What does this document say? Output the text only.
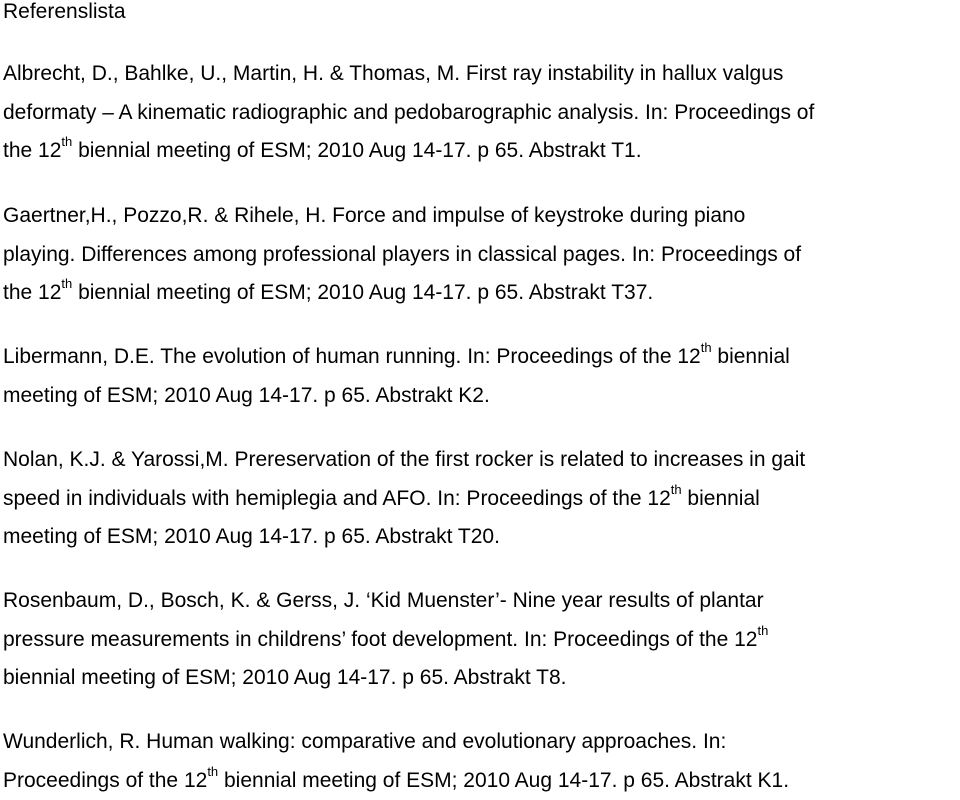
Referenslista
Albrecht, D., Bahlke, U., Martin, H. & Thomas, M. First ray instability in hallux valgus
deformaty – A kinematic radiographic and pedobarographic analysis. In: Proceedings of
the 12th biennial meeting of ESM; 2010 Aug 14-17. p 65. Abstrakt T1.
Gaertner,H., Pozzo,R. & Rihele, H. Force and impulse of keystroke during piano
playing. Differences among professional players in classical pages. In: Proceedings of
the 12th biennial meeting of ESM; 2010 Aug 14-17. p 65. Abstrakt T37.
Libermann, D.E. The evolution of human running. In: Proceedings of the 12th biennial
meeting of ESM; 2010 Aug 14-17. p 65. Abstrakt K2.
Nolan, K.J. & Yarossi,M. Prereservation of the first rocker is related to increases in gait
speed in individuals with hemiplegia and AFO. In: Proceedings of the 12th biennial
meeting of ESM; 2010 Aug 14-17. p 65. Abstrakt T20.
Rosenbaum, D., Bosch, K. & Gerss, J. ‘Kid Muenster’- Nine year results of plantar
pressure measurements in childrens’ foot development. In: Proceedings of the 12th
biennial meeting of ESM; 2010 Aug 14-17. p 65. Abstrakt T8.
Wunderlich, R. Human walking: comparative and evolutionary approaches. In:
Proceedings of the 12th biennial meeting of ESM; 2010 Aug 14-17. p 65. Abstrakt K1.
